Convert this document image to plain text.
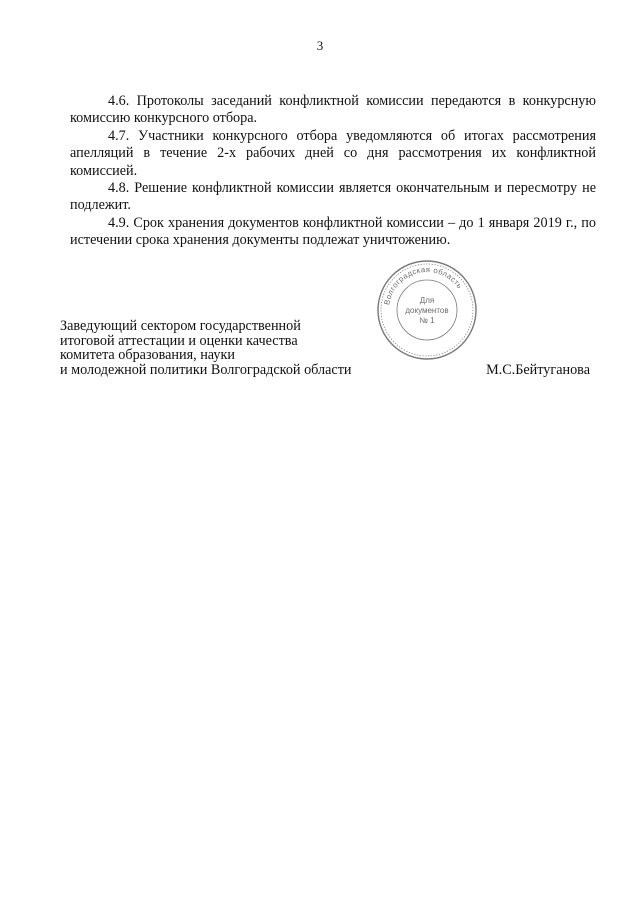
3

4.6. Протоколы заседаний конфликтной комиссии передаются в конкурсную комиссию конкурсного отбора.

4.7. Участники конкурсного отбора уведомляются об итогах рассмотрения апелляций в течение 2-х рабочих дней со дня рассмотрения их конфликтной комиссией.

4.8. Решение конфликтной комиссии является окончательным и пересмотру не подлежит.

4.9. Срок хранения документов конфликтной комиссии – до 1 января 2019 г., по истечении срока хранения документы подлежат уничтожению.

Волгоградская область
Для
документов
№ 1
Заведующий сектором государственной
итоговой аттестации и оценки качества
комитета образования, науки
и молодежной политики Волгоградской области	М.С.Бейтуганова
